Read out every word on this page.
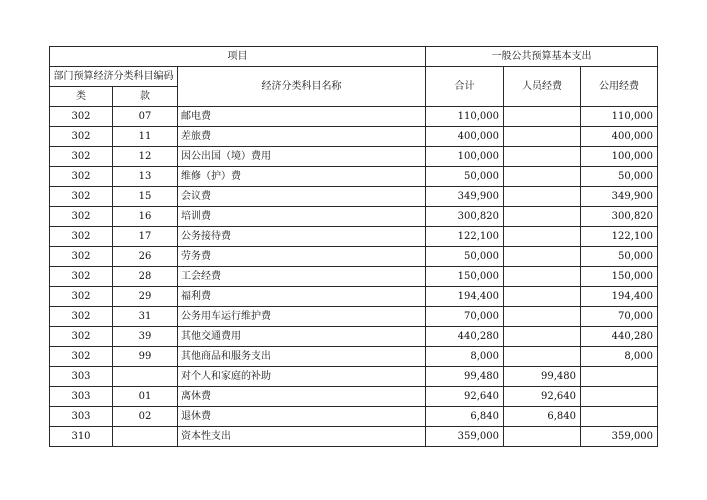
项目			一般公共预算基本支出		
部门预算经济分类科目编码		经济分类科目名称	合计	人员经费	公用经费
类	款				
302	07	邮电费	110,000		110,000
302	11	差旅费	400,000		400,000
302	12	因公出国（境）费用	100,000		100,000
302	13	维修（护）费	50,000		50,000
302	15	会议费	349,900		349,900
302	16	培训费	300,820		300,820
302	17	公务接待费	122,100		122,100
302	26	劳务费	50,000		50,000
302	28	工会经费	150,000		150,000
302	29	福利费	194,400		194,400
302	31	公务用车运行维护费	70,000		70,000
302	39	其他交通费用	440,280		440,280
302	99	其他商品和服务支出	8,000		8,000
303		对个人和家庭的补助	99,480	99,480	
303	01	离休费	92,640	92,640	
303	02	退休费	6,840	6,840	
310		资本性支出	359,000		359,000
